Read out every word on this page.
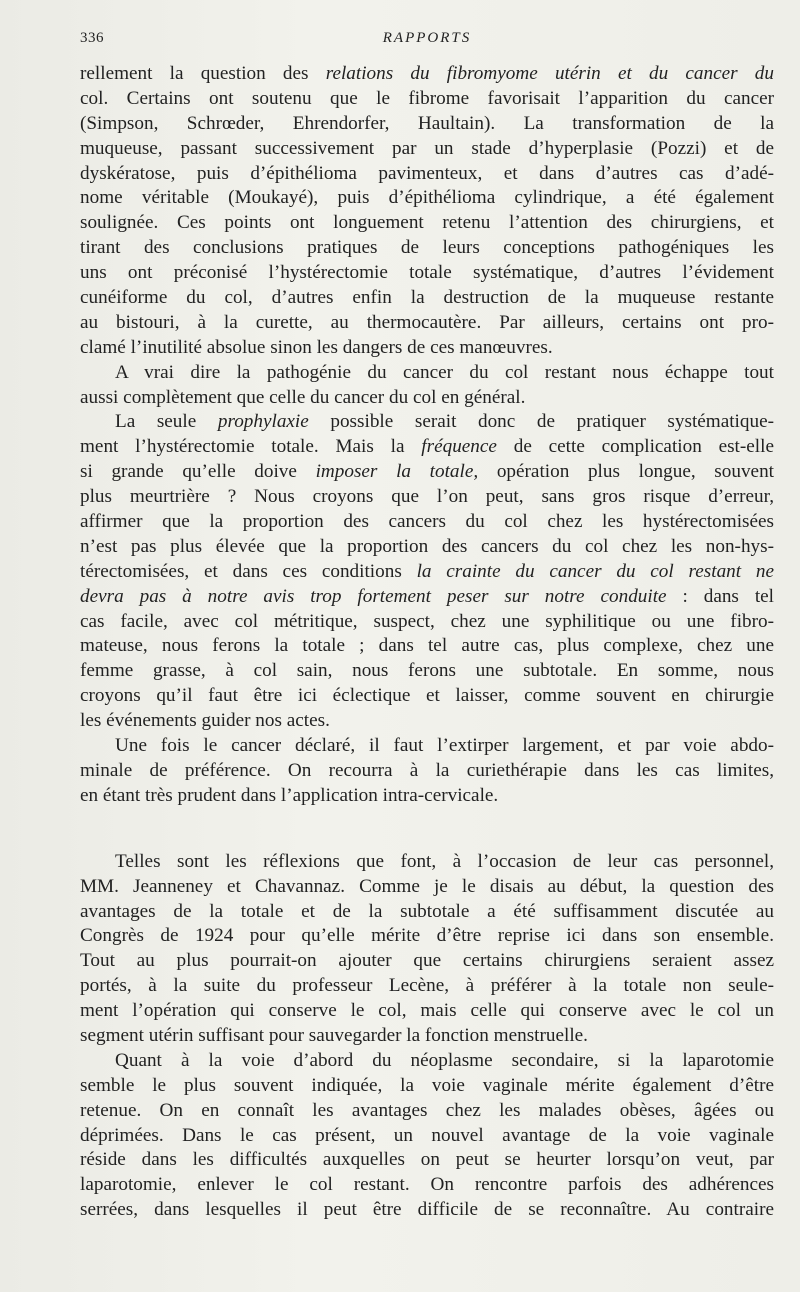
336	RAPPORTS
rellement la question des relations du fibromyome utérin et du cancer du
col. Certains ont soutenu que le fibrome favorisait l’apparition du cancer
(Simpson, Schrœder, Ehrendorfer, Haultain). La transformation de la
muqueuse, passant successivement par un stade d’hyperplasie (Pozzi) et de
dyskératose, puis d’épithélioma pavimenteux, et dans d’autres cas d’adé-
nome véritable (Moukayé), puis d’épithélioma cylindrique, a été également
soulignée. Ces points ont longuement retenu l’attention des chirurgiens, et
tirant des conclusions pratiques de leurs conceptions pathogéniques les
uns ont préconisé l’hystérectomie totale systématique, d’autres l’évidement
cunéiforme du col, d’autres enfin la destruction de la muqueuse restante
au bistouri, à la curette, au thermocautère. Par ailleurs, certains ont pro-
clamé l’inutilité absolue sinon les dangers de ces manœuvres.
A vrai dire la pathogénie du cancer du col restant nous échappe tout
aussi complètement que celle du cancer du col en général.
La seule prophylaxie possible serait donc de pratiquer systématique-
ment l’hystérectomie totale. Mais la fréquence de cette complication est-elle
si grande qu’elle doive imposer la totale, opération plus longue, souvent
plus meurtrière ? Nous croyons que l’on peut, sans gros risque d’erreur,
affirmer que la proportion des cancers du col chez les hystérectomisées
n’est pas plus élevée que la proportion des cancers du col chez les non-hys-
térectomisées, et dans ces conditions la crainte du cancer du col restant ne
devra pas à notre avis trop fortement peser sur notre conduite : dans tel
cas facile, avec col métritique, suspect, chez une syphilitique ou une fibro-
mateuse, nous ferons la totale ; dans tel autre cas, plus complexe, chez une
femme grasse, à col sain, nous ferons une subtotale. En somme, nous
croyons qu’il faut être ici éclectique et laisser, comme souvent en chirurgie
les événements guider nos actes.
Une fois le cancer déclaré, il faut l’extirper largement, et par voie abdo-
minale de préférence. On recourra à la curiethérapie dans les cas limites,
en étant très prudent dans l’application intra-cervicale.
Telles sont les réflexions que font, à l’occasion de leur cas personnel,
MM. Jeanneney et Chavannaz. Comme je le disais au début, la question des
avantages de la totale et de la subtotale a été suffisamment discutée au
Congrès de 1924 pour qu’elle mérite d’être reprise ici dans son ensemble.
Tout au plus pourrait-on ajouter que certains chirurgiens seraient assez
portés, à la suite du professeur Lecène, à préférer à la totale non seule-
ment l’opération qui conserve le col, mais celle qui conserve avec le col un
segment utérin suffisant pour sauvegarder la fonction menstruelle.
Quant à la voie d’abord du néoplasme secondaire, si la laparotomie
semble le plus souvent indiquée, la voie vaginale mérite également d’être
retenue. On en connaît les avantages chez les malades obèses, âgées ou
déprimées. Dans le cas présent, un nouvel avantage de la voie vaginale
réside dans les difficultés auxquelles on peut se heurter lorsqu’on veut, par
laparotomie, enlever le col restant. On rencontre parfois des adhérences
serrées, dans lesquelles il peut être difficile de se reconnaître. Au contraire
